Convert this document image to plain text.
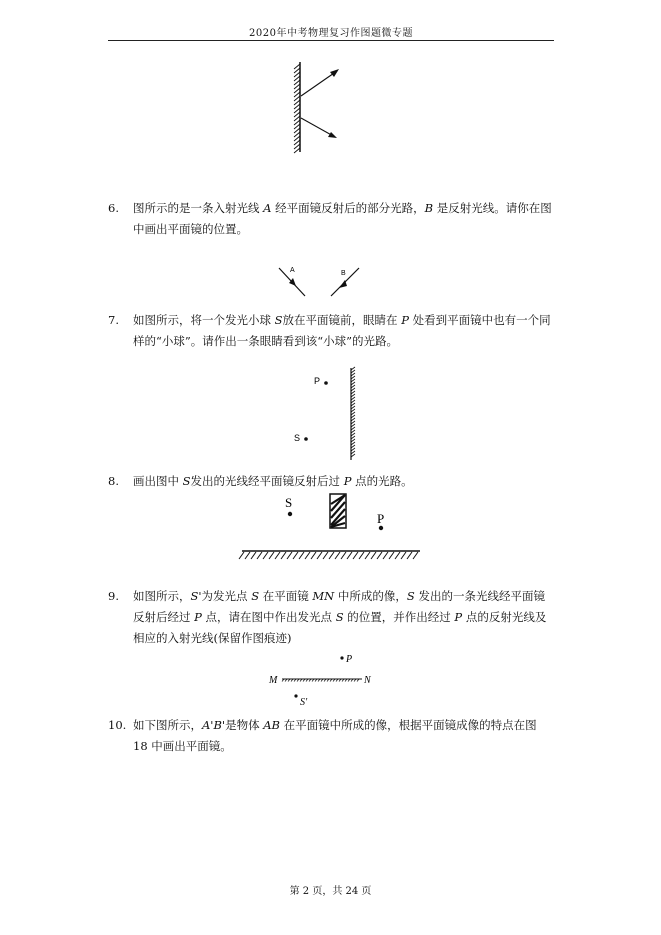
2020年中考物理复习作图题微专题
6. 图所示的是一条入射光线 A 经平面镜反射后的部分光路，B 是反射光线。请你在图中画出平面镜的位置。
A	B
7. 如图所示，将一个发光小球 S放在平面镜前，眼睛在 P 处看到平面镜中也有一个同样的“小球”。请作出一条眼睛看到该“小球”的光路。
P
S
8. 画出图中 S发出的光线经平面镜反射后过 P 点的光路。
S
P
9. 如图所示，S'为发光点 S 在平面镜 MN 中所成的像，S 发出的一条光线经平面镜反射后经过 P 点，请在图中作出发光点 S 的位置，并作出经过 P 点的反射光线及相应的入射光线(保留作图痕迹)
P
M	N
S′
10. 如下图所示，A'B'是物体 AB 在平面镜中所成的像，根据平面镜成像的特点在图 18 中画出平面镜。
第 2 页，共 24 页
